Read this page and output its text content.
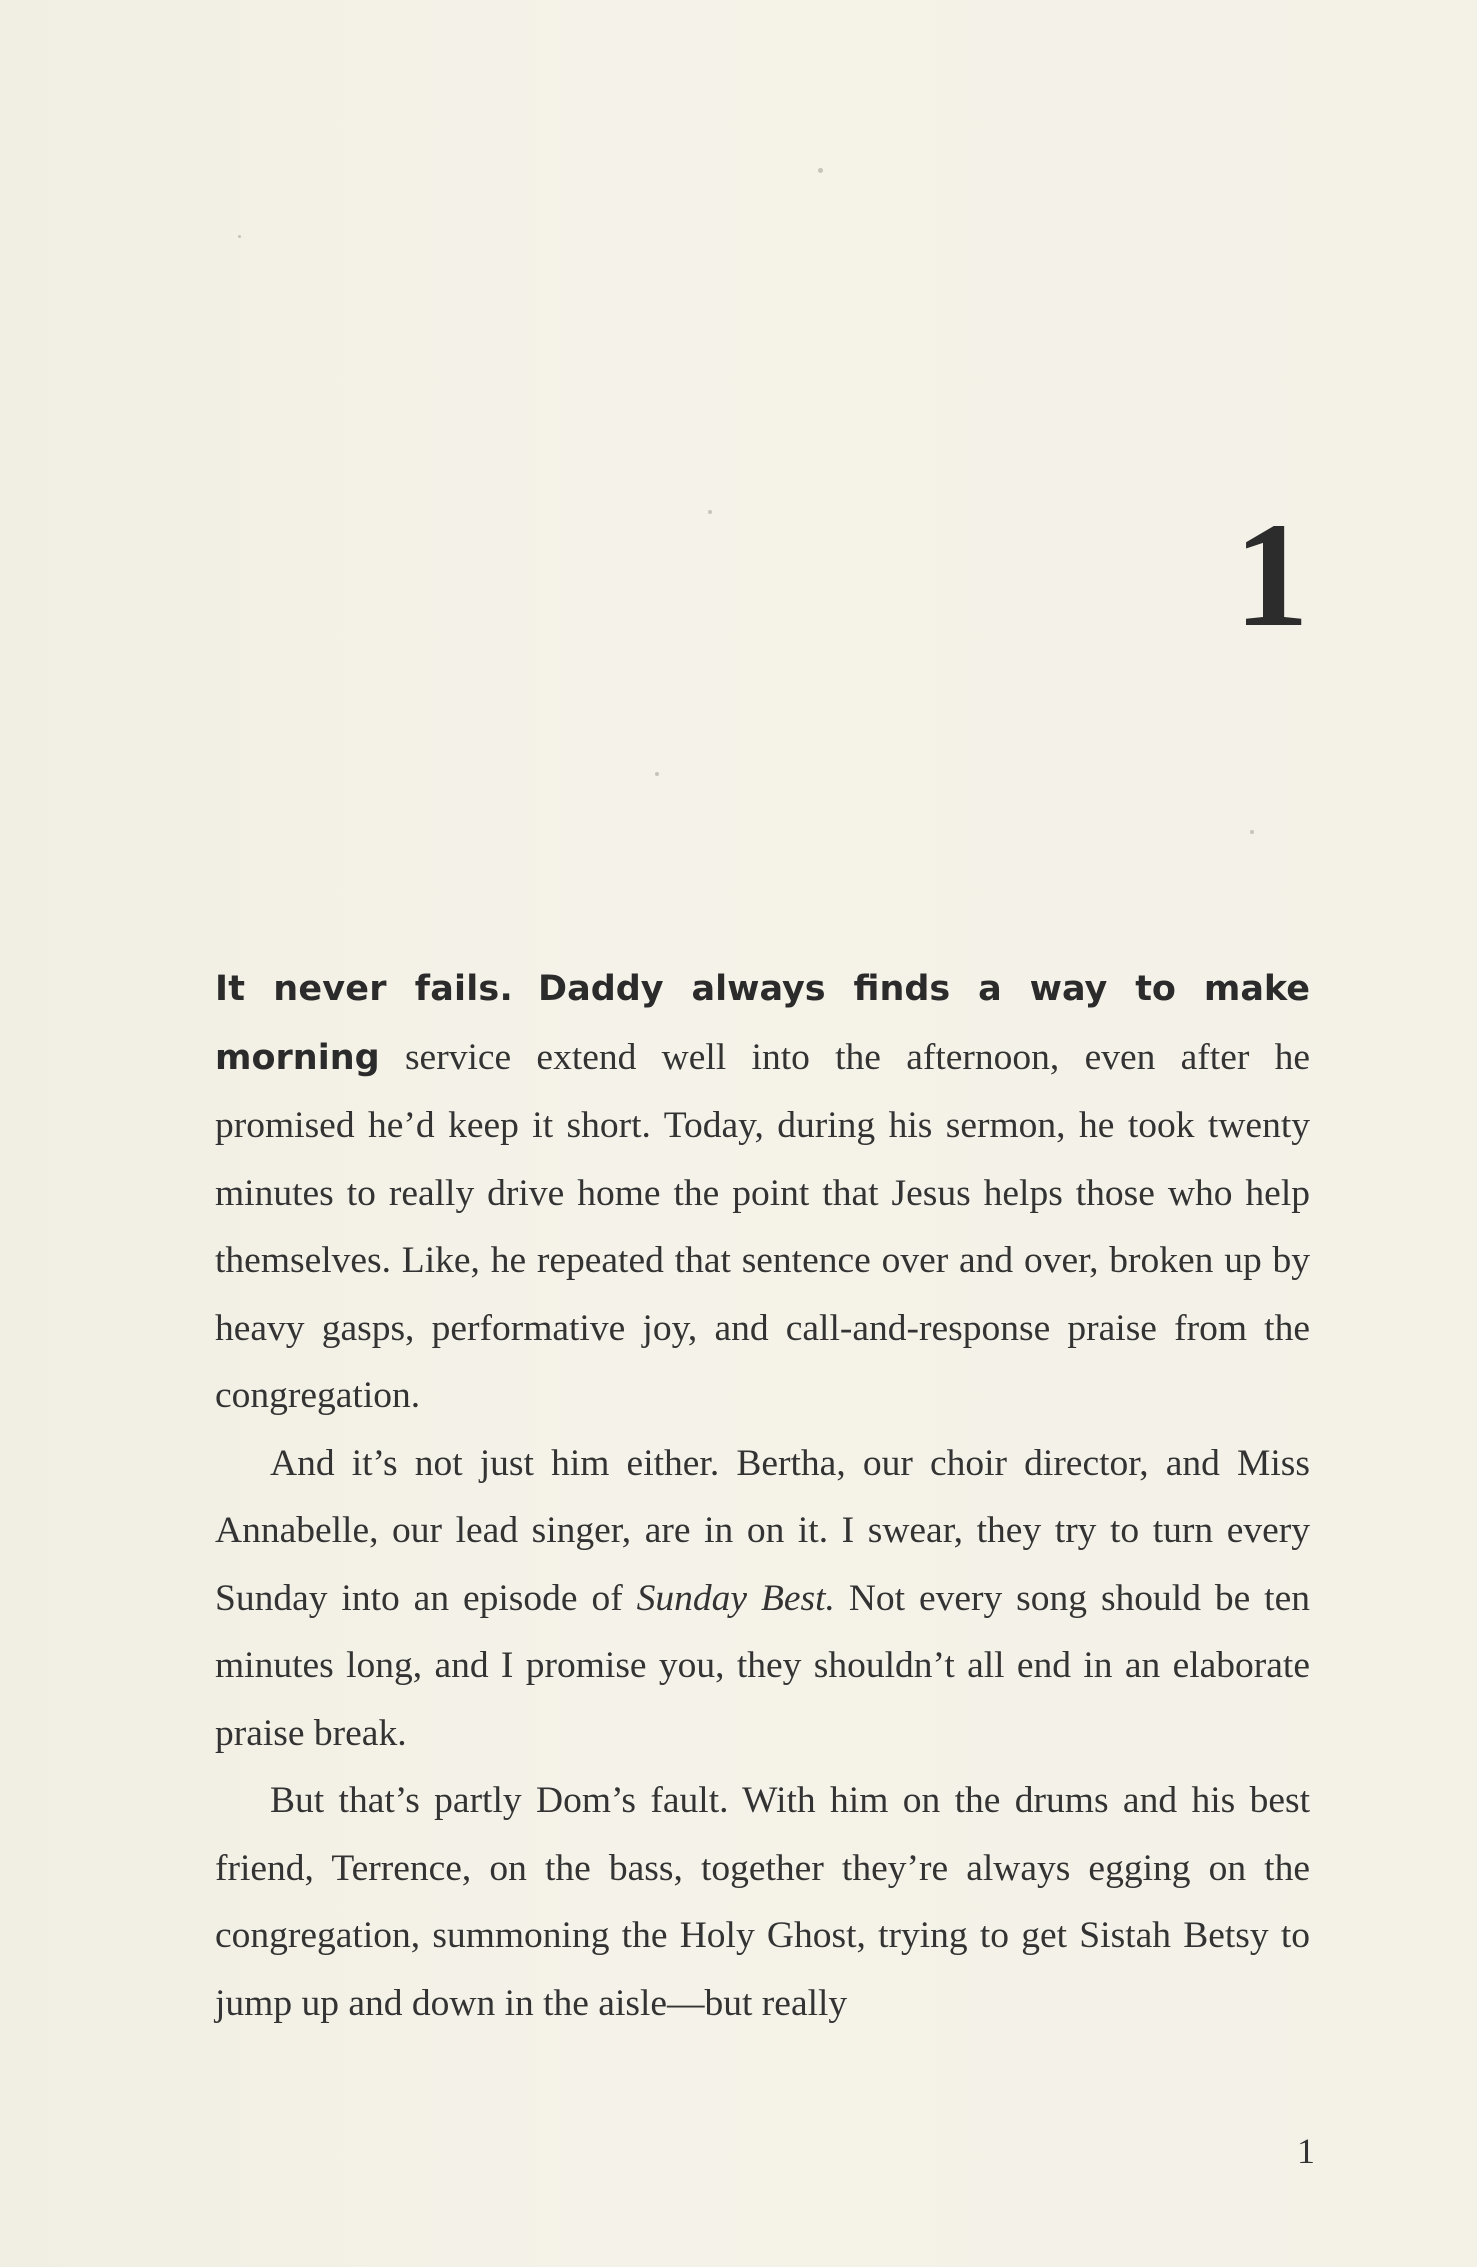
1

It never fails. Daddy always finds a way to make morning service extend well into the afternoon, even after he promised he’d keep it short. Today, during his sermon, he took twenty minutes to really drive home the point that Jesus helps those who help themselves. Like, he repeated that sentence over and over, broken up by heavy gasps, performative joy, and call-and-response praise from the congregation.

And it’s not just him either. Bertha, our choir director, and Miss Annabelle, our lead singer, are in on it. I swear, they try to turn every Sunday into an episode of Sunday Best. Not every song should be ten minutes long, and I promise you, they shouldn’t all end in an elaborate praise break.

But that’s partly Dom’s fault. With him on the drums and his best friend, Terrence, on the bass, together they’re always egging on the congregation, summoning the Holy Ghost, trying to get Sistah Betsy to jump up and down in the aisle—but really

1
